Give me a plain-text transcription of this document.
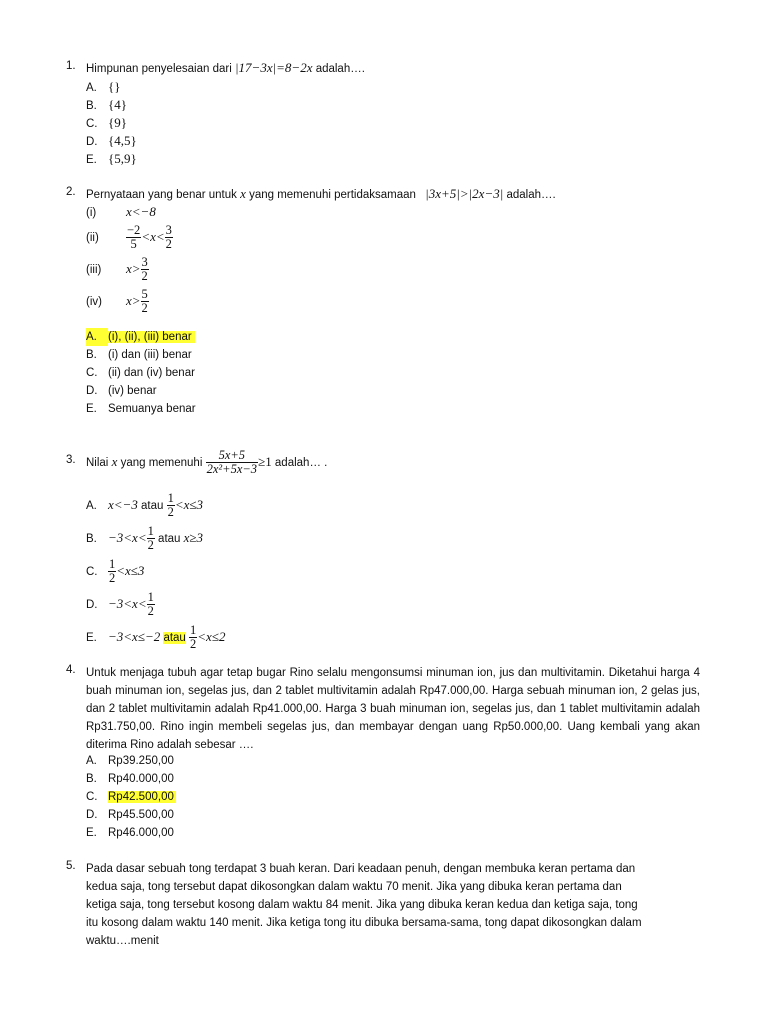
1. Himpunan penyelesaian dari |17−3x|=8−2x adalah….
A. {}
B. {4}
C. {9}
D. {4,5}
E. {5,9}
2. Pernyataan yang benar untuk x yang memenuhi pertidaksamaan |3x+5|>|2x−3| adalah….
(i) x<−8
$(ii) \frac{-2}{5} <x< \frac{3}{2}$
(iii) $x> \frac{3}{2}$
(iv) $x> \frac{5}{2}$
A. (i), (ii), (iii) benar
B. (i) dan (iii) benar
C. (ii) dan (iv) benar
D. (iv) benar
E. Semuanya benar
3. Nilai x yang memenuhi $\frac{5x+5}{\text{2x²+5x−3}} \ge 1$ adalah… .
A. x<−3 atau $\frac{1}{2} <x\le 3$
B. $-3<x< \frac{1}{2}$ atau x≥3
C. $\frac{1}{2} <x\le 3$
D. $-3<x< \frac{1}{2}$
E. −3<x≤−2 atau $\frac{1}{2} <x\le 2$
4. Untuk menjaga tubuh agar tetap bugar Rino selalu mengonsumsi minuman ion, jus dan multivitamin. Diketahui harga 4 buah minuman ion, segelas jus, dan 2 tablet multivitamin adalah Rp47.000,00. Harga sebuah minuman ion, 2 gelas jus, dan 2 tablet multivitamin adalah Rp41.000,00. Harga 3 buah minuman ion, segelas jus, dan 1 tablet multivitamin adalah Rp31.750,00. Rino ingin membeli segelas jus, dan membayar dengan uang Rp50.000,00. Uang kembali yang akan diterima Rino adalah sebesar ….
A. Rp39.250,00
B. Rp40.000,00
C. Rp42.500,00
D. Rp45.500,00
E. Rp46.000,00
5. Pada dasar sebuah tong terdapat 3 buah keran. Dari keadaan penuh, dengan membuka keran pertama dan
kedua saja, tong tersebut dapat dikosongkan dalam waktu 70 menit. Jika yang dibuka keran pertama dan
ketiga saja, tong tersebut kosong dalam waktu 84 menit. Jika yang dibuka keran kedua dan ketiga saja, tong
itu kosong dalam waktu 140 menit. Jika ketiga tong itu dibuka bersama-sama, tong dapat dikosongkan dalam
waktu….menit
